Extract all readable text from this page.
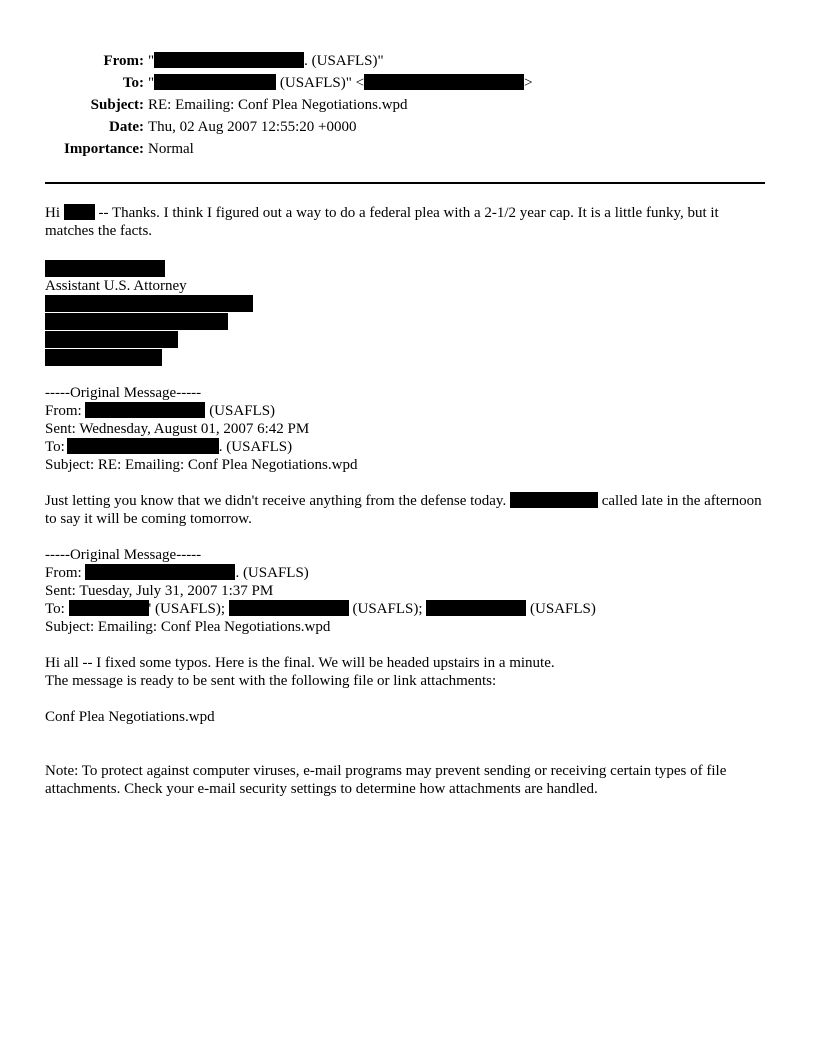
From: "	. (USAFLS)"
To: "	(USAFLS)" <	>
Subject: RE: Emailing: Conf Plea Negotiations.wpd
Date: Thu, 02 Aug 2007 12:55:20 +0000
Importance: Normal

Hi  -- Thanks. I think I figured out a way to do a federal plea with a 2-1/2 year cap. It is a little funky, but it matches the facts.

Assistant U.S. Attorney

-----Original Message-----

From:	(USAFLS)

Sent: Wednesday, August 01, 2007 6:42 PM

To:	. (USAFLS)

Subject: RE: Emailing: Conf Plea Negotiations.wpd

Just letting you know that we didn't receive anything from the defense today.	called late in the afternoon to say it will be coming tomorrow.

-----Original Message-----

From:	. (USAFLS)

Sent: Tuesday, July 31, 2007 1:37 PM

To:	' (USAFLS);	(USAFLS);	(USAFLS)

Subject: Emailing: Conf Plea Negotiations.wpd

Hi all -- I fixed some typos. Here is the final. We will be headed upstairs in a minute.

The message is ready to be sent with the following file or link attachments:

Conf Plea Negotiations.wpd

Note: To protect against computer viruses, e-mail programs may prevent sending or receiving certain types of file attachments. Check your e-mail security settings to determine how attachments are handled.
